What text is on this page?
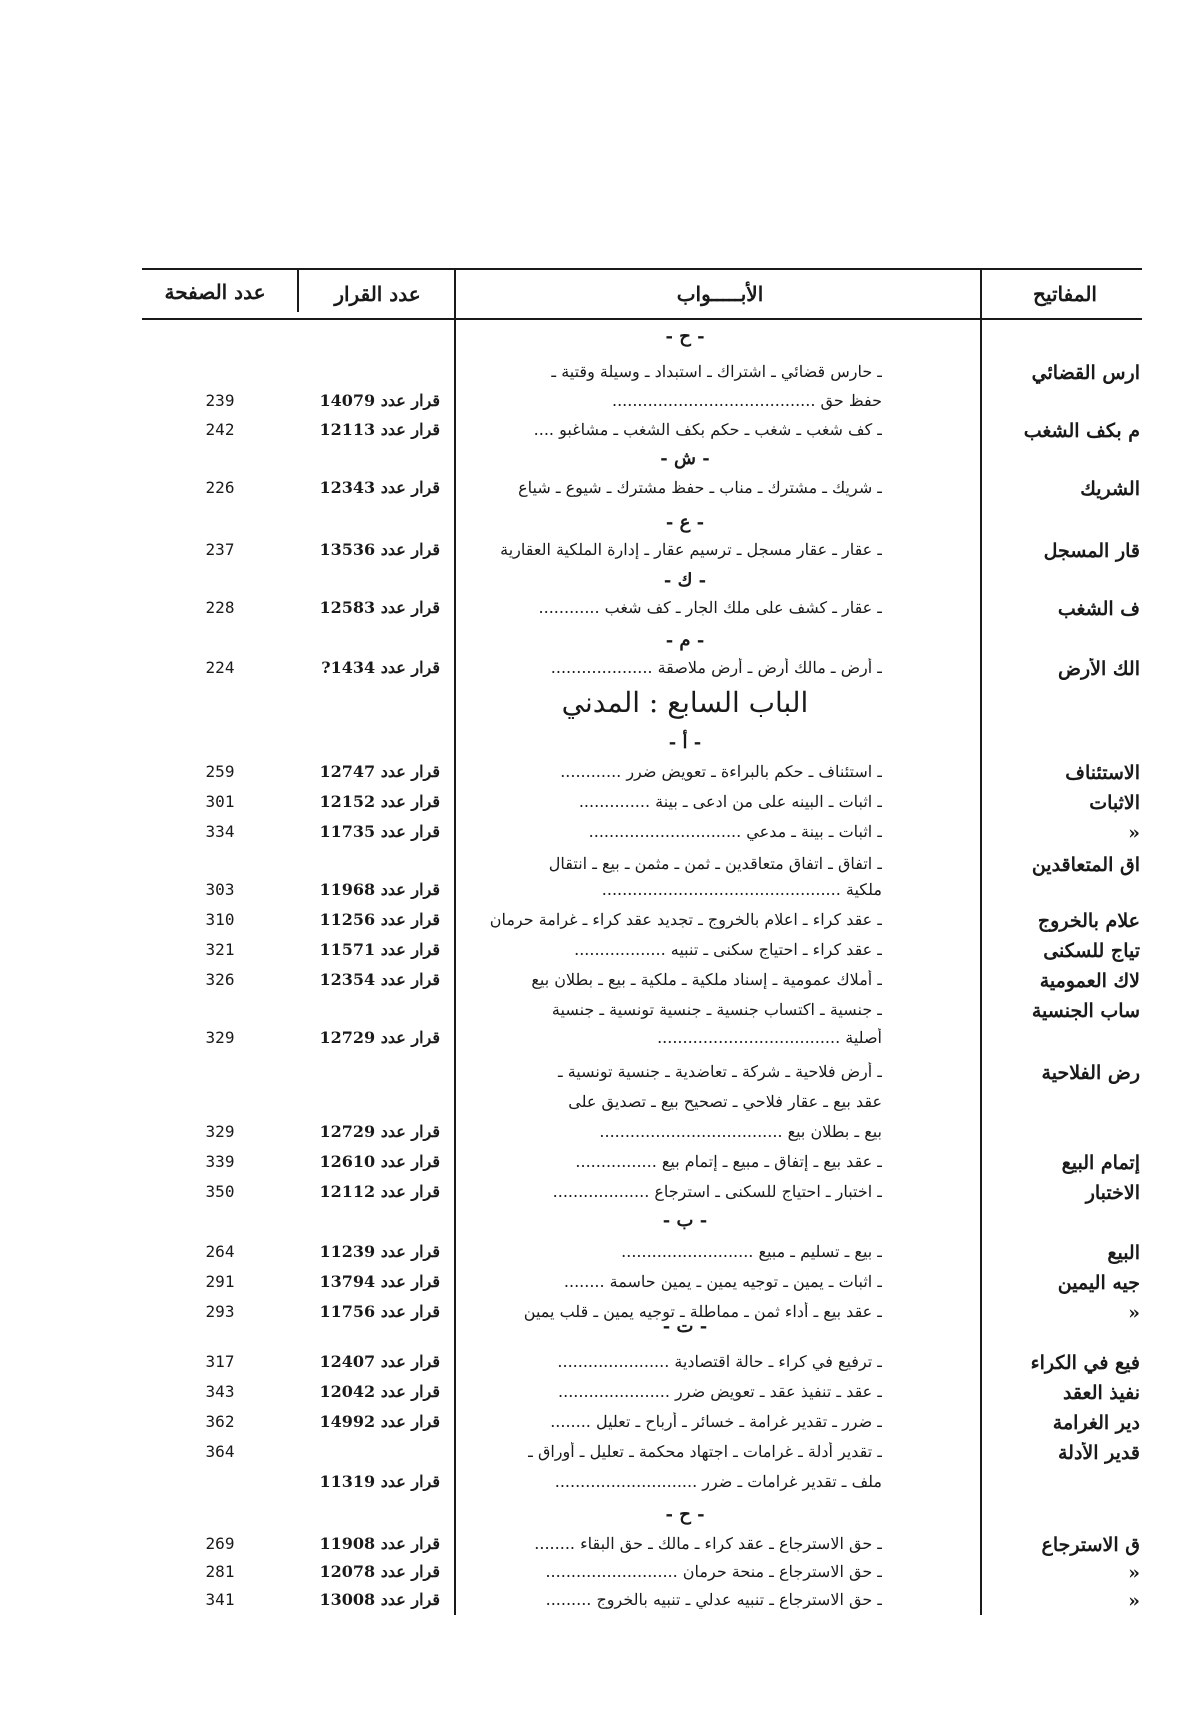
المفاتيح
الأبـــــواب
عدد القرار
عدد الصفحة
- ح -
- ش -
- ع -
- ك -
- م -
الباب السابع : المدني
- أ -
- ب -
- ت -
- ح -
ارس القضائي
ـ حارس قضائي ـ اشتراك ـ استبداد ـ وسيلة وقتية ـ
حفظ حق ........................................
قرار عدد 14079
239
م بكف الشغب
ـ كف شغب ـ شغب ـ حكم بكف الشغب ـ مشاغبو ....
قرار عدد 12113
242
الشريك
ـ شريك ـ مشترك ـ مناب ـ حفظ مشترك ـ شيوع ـ شياع
قرار عدد 12343
226
قار المسجل
ـ عقار ـ عقار مسجل ـ ترسيم عقار ـ إدارة الملكية العقارية
قرار عدد 13536
237
ف الشغب
ـ عقار ـ كشف على ملك الجار ـ كف شغب ............
قرار عدد 12583
228
الك الأرض
ـ أرض ـ مالك أرض ـ أرض ملاصقة ....................
قرار عدد 1434?
224
الاستئناف
ـ استئناف ـ حكم بالبراءة ـ تعويض ضرر ............
قرار عدد 12747
259
الاثبات
ـ اثبات ـ البينه على من ادعى ـ بينة ..............
قرار عدد 12152
301
«
ـ اثبات ـ بينة ـ مدعي ..............................
قرار عدد 11735
334
اق المتعاقدين
ـ اتفاق ـ اتفاق متعاقدين ـ ثمن ـ مثمن ـ بيع ـ انتقال
ملكية ...............................................
قرار عدد 11968
303
علام بالخروج
ـ عقد كراء ـ اعلام بالخروج ـ تجديد عقد كراء ـ غرامة حرمان
قرار عدد 11256
310
تياج للسكنى
ـ عقد كراء ـ احتياج سكنى ـ تنبيه ..................
قرار عدد 11571
321
لاك العمومية
ـ أملاك عمومية ـ إسناد ملكية ـ ملكية ـ بيع ـ بطلان بيع
قرار عدد 12354
326
ساب الجنسية
ـ جنسية ـ اكتساب جنسية ـ جنسية تونسية ـ جنسية
أصلية ....................................
قرار عدد 12729
329
رض الفلاحية
ـ أرض فلاحية ـ شركة ـ تعاضدية ـ جنسية تونسية ـ
عقد بيع ـ عقار فلاحي ـ تصحيح بيع ـ تصديق على
بيع ـ بطلان بيع ....................................
قرار عدد 12729
329
إتمام البيع
ـ عقد بيع ـ إتفاق ـ مبيع ـ إتمام بيع ................
قرار عدد 12610
339
الاختبار
ـ اختبار ـ احتياج للسكنى ـ استرجاع ...................
قرار عدد 12112
350
البيع
ـ بيع ـ تسليم ـ مبيع ..........................
قرار عدد 11239
264
جيه اليمين
ـ اثبات ـ يمين ـ توجيه يمين ـ يمين حاسمة ........
قرار عدد 13794
291
«
ـ عقد بيع ـ أداء ثمن ـ مماطلة ـ توجيه يمين ـ قلب يمين
قرار عدد 11756
293
فيع في الكراء
ـ ترفيع في كراء ـ حالة اقتصادية ......................
قرار عدد 12407
317
نفيذ العقد
ـ عقد ـ تنفيذ عقد ـ تعويض ضرر ......................
قرار عدد 12042
343
دير الغرامة
ـ ضرر ـ تقدير غرامة ـ خسائر ـ أرباح ـ تعليل ........
قرار عدد 14992
362
قدير الأدلة
ـ تقدير أدلة ـ غرامات ـ اجتهاد محكمة ـ تعليل ـ أوراق ـ
364
ملف ـ تقدير غرامات ـ ضرر ............................
قرار عدد 11319
ق الاسترجاع
ـ حق الاسترجاع ـ عقد كراء ـ مالك ـ حق البقاء ........
قرار عدد 11908
269
«
ـ حق الاسترجاع ـ منحة حرمان ..........................
قرار عدد 12078
281
«
ـ حق الاسترجاع ـ تنبيه عدلي ـ تنبيه بالخروج .........
قرار عدد 13008
341
